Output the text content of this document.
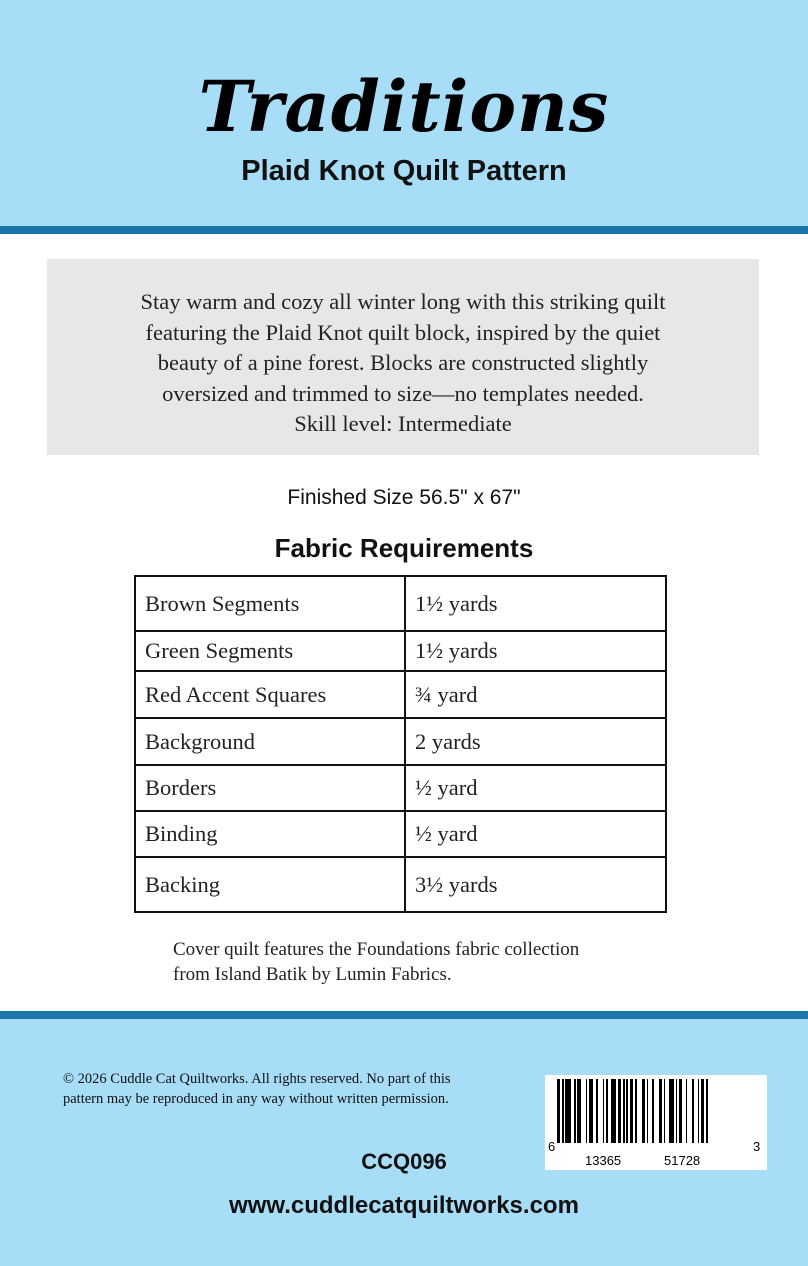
Traditions
Plaid Knot Quilt Pattern

Stay warm and cozy all winter long with this striking quilt
featuring the Plaid Knot quilt block, inspired by the quiet
beauty of a pine forest. Blocks are constructed slightly
oversized and trimmed to size—no templates needed.
Skill level: Intermediate

Finished Size 56.5" x 67"
Fabric Requirements
Brown Segments	1½ yards
Green Segments	1½ yards
Red Accent Squares	¾ yard
Background	2 yards
Borders	½ yard
Binding	½ yard
Backing	3½ yards
Cover quilt features the Foundations fabric collection
from Island Batik by Lumin Fabrics.
© 2026 Cuddle Cat Quiltworks. All rights reserved. No part of this
pattern may be reproduced in any way without written permission.
6
13365	51728
3
CCQ096
www.cuddlecatquiltworks.com
